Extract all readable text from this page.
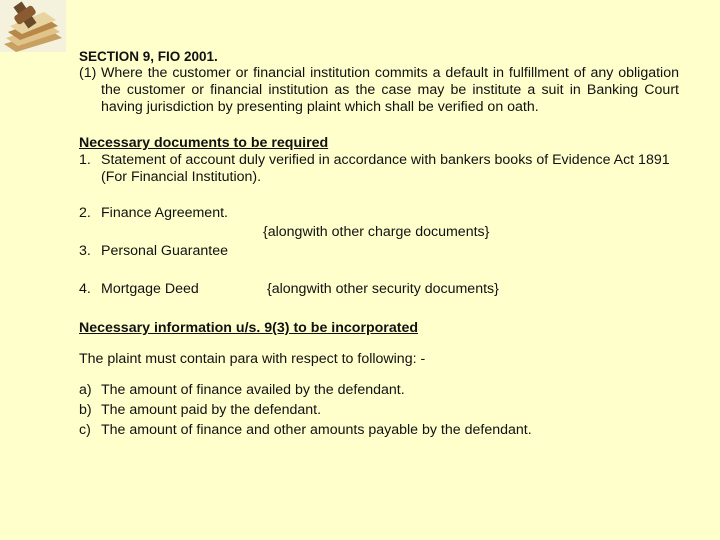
SECTION 9, FIO 2001.
(1) Where the customer or financial institution commits a default in fulfillment of any obligation the customer or financial institution as the case may be institute a suit in Banking Court having jurisdiction by presenting plaint which shall be verified on oath.
Necessary documents to be required
1. Statement of account duly verified in accordance with bankers books of Evidence Act 1891 (For Financial Institution).
2. Finance Agreement.
{alongwith other charge documents}
3. Personal Guarantee
4. Mortgage Deed	{alongwith other security documents}
Necessary information u/s. 9(3) to be incorporated
The plaint must contain para with respect to following: -
a) The amount of finance availed by the defendant.
b) The amount paid by the defendant.
c) The amount of finance and other amounts payable by the defendant.
